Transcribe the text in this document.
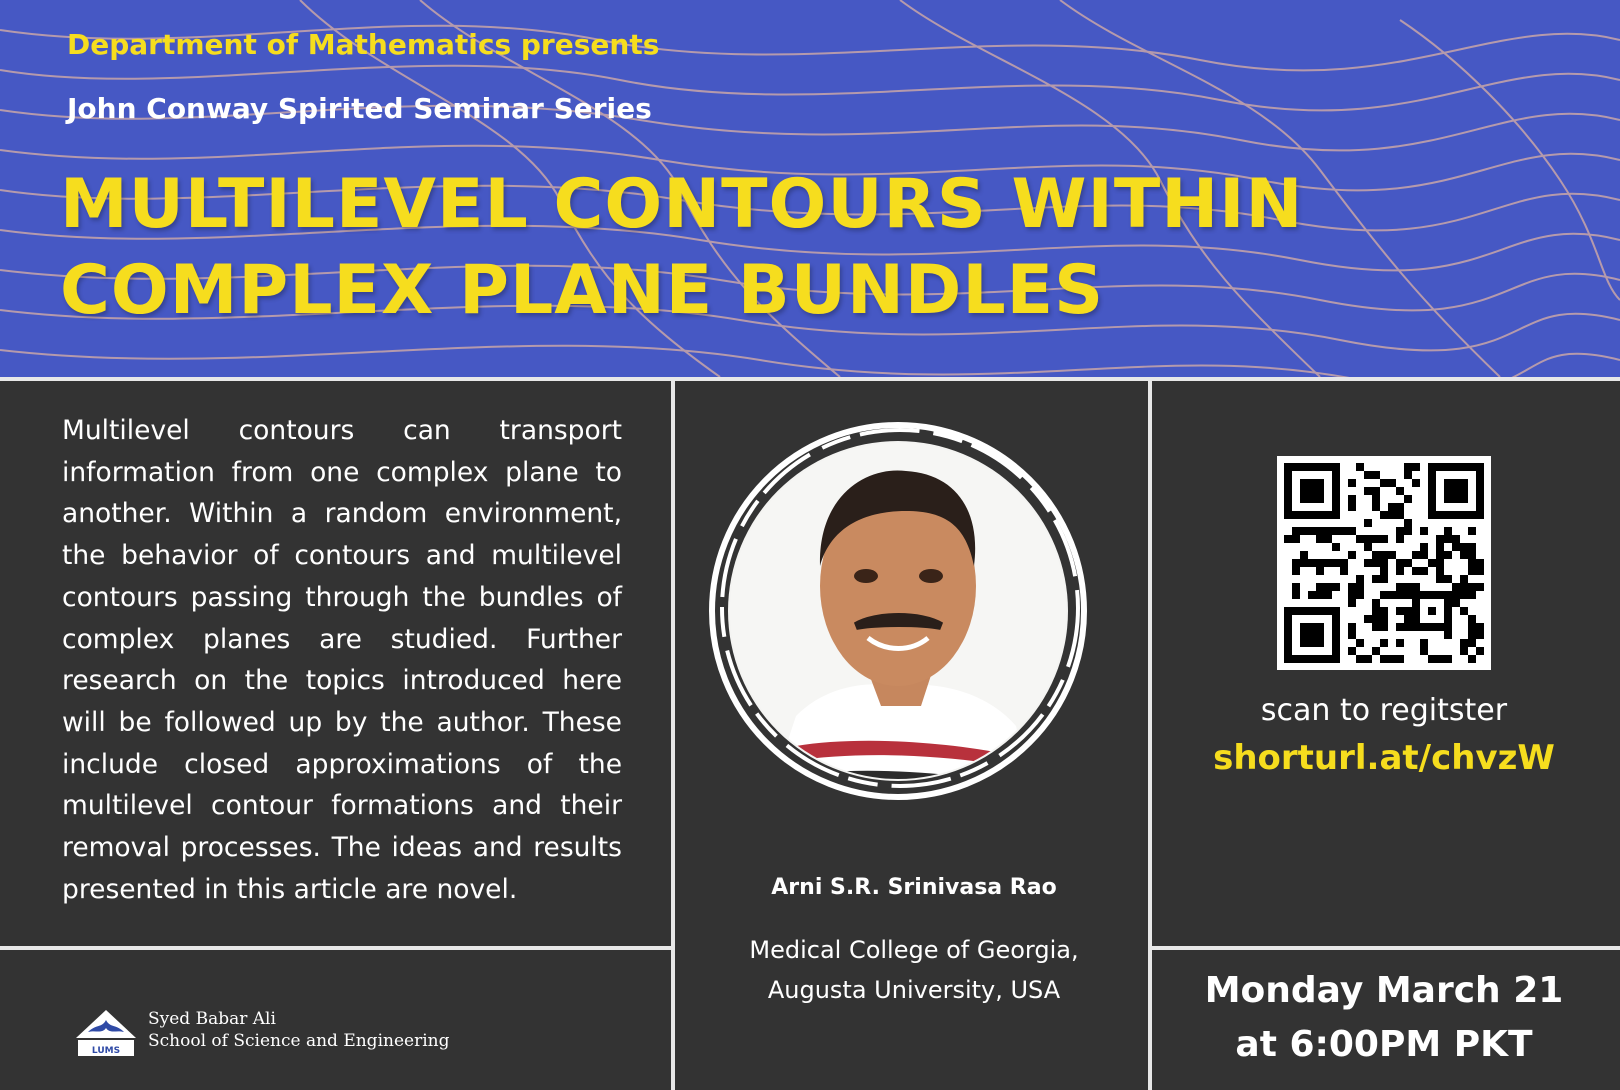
Department of Mathematics presents
John Conway Spirited Seminar Series
MULTILEVEL CONTOURS WITHIN COMPLEX PLANE BUNDLES
Multilevel contours can transport information from one complex plane to another. Within a random environment, the behavior of contours and multilevel contours passing through the bundles of complex planes are studied. Further research on the topics introduced here will be followed up by the author. These include closed approximations of the multilevel contour formations and their removal processes. The ideas and results presented in this article are novel.	Arni S.R. Srinivasa Rao
Medical College of Georgia,
Augusta University, USA
scan to regitster
shorturl.at/chvzW
Monday March 21
at 6:00PM PKT
LUMS
Syed Babar Ali
School of Science and Engineering
